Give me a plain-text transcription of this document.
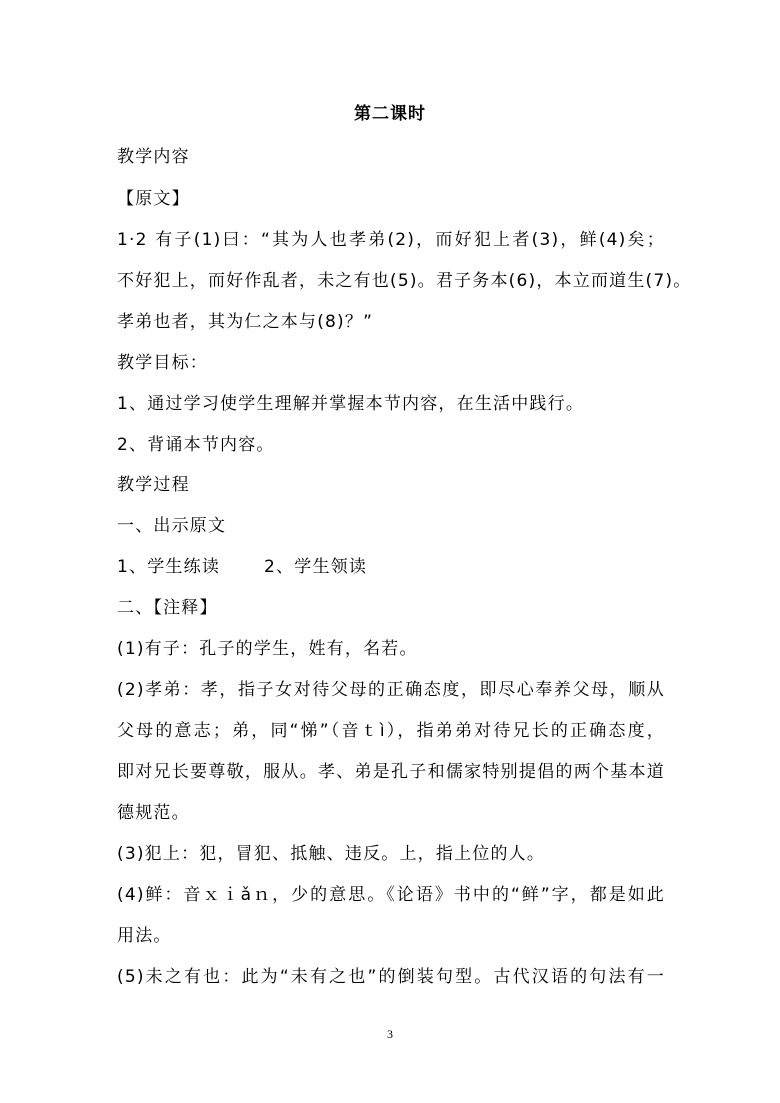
第二课时
教学内容
【原文】
1·2 有子(1)曰：“其为人也孝弟(2)，而好犯上者(3)，鲜(4)矣；
不好犯上，而好作乱者，未之有也(5)。君子务本(6)，本立而道生(7)。
孝弟也者，其为仁之本与(8)？”
教学目标：
1、通过学习使学生理解并掌握本节内容，在生活中践行。
2、背诵本节内容。
教学过程
一、出示原文
1、学生练读	2、学生领读
二、【注释】
(1)有子：孔子的学生，姓有，名若。
(2)孝弟：孝，指子女对待父母的正确态度，即尽心奉养父母，顺从
父母的意志；弟，同“悌”（音ｔì），指弟弟对待兄长的正确态度，
即对兄长要尊敬，服从。孝、弟是孔子和儒家特别提倡的两个基本道
德规范。
(3)犯上：犯，冒犯、抵触、违反。上，指上位的人。
(4)鲜：音ｘｉǎｎ，少的意思。《论语》书中的“鲜”字，都是如此
用法。
(5)未之有也：此为“未有之也”的倒装句型。古代汉语的句法有一
3
